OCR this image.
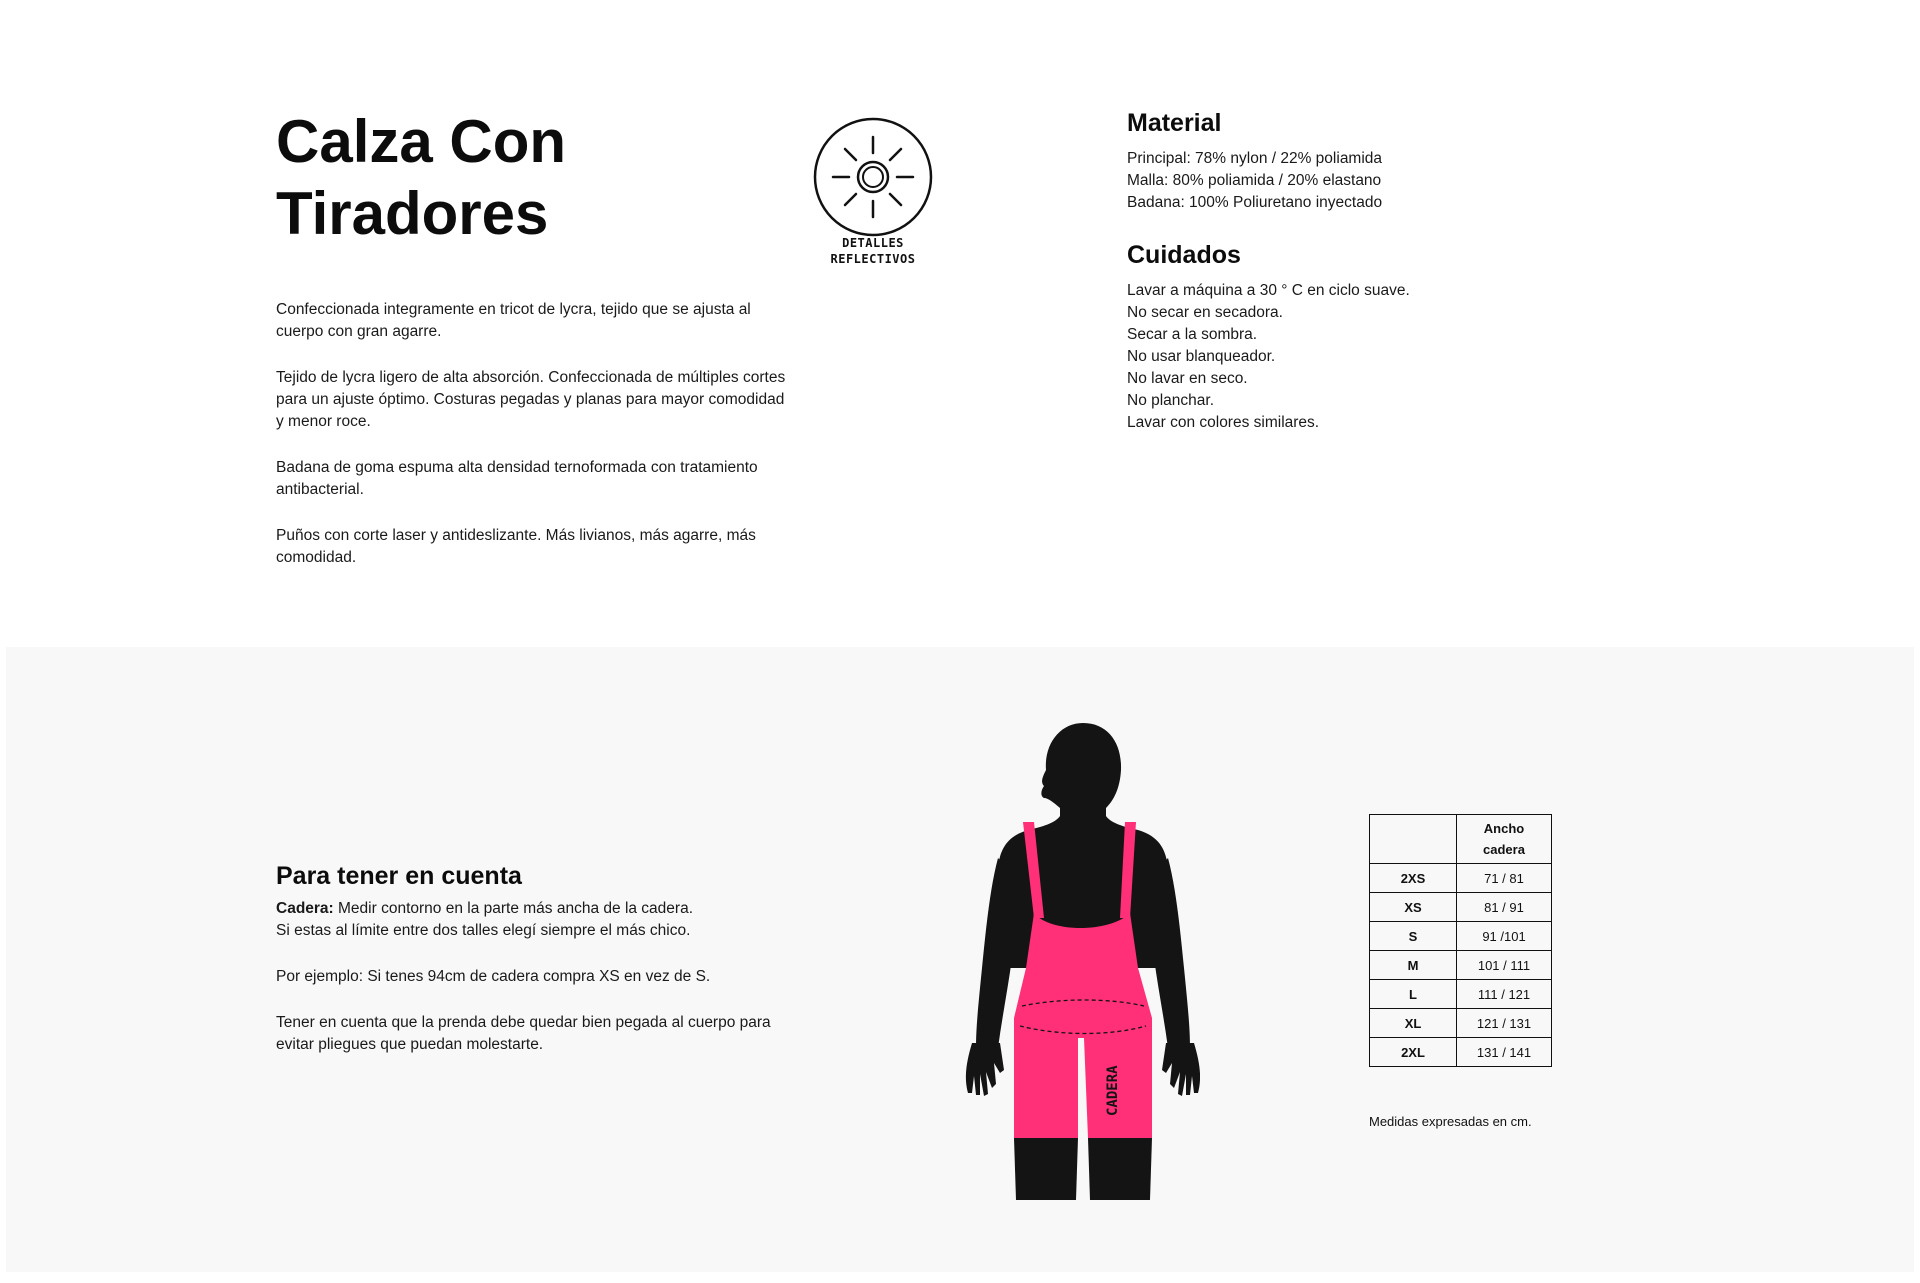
Calza Con
Tiradores

Confeccionada integramente en tricot de lycra, tejido que se ajusta al cuerpo con gran agarre.

Tejido de lycra ligero de alta absorción. Confeccionada de múltiples cortes para un ajuste óptimo. Costuras pegadas y planas para mayor comodidad y menor roce.

Badana de goma espuma alta densidad ternoformada con tratamiento antibacterial.

Puños con corte laser y antideslizante. Más livianos, más agarre, más comodidad.

DETALLES
REFLECTIVOS
Material
Principal: 78% nylon / 22% poliamida
Malla: 80% poliamida / 20% elastano
Badana: 100% Poliuretano inyectado
Cuidados
Lavar a máquina a 30 ° C en ciclo suave.
No secar en secadora.
Secar a la sombra.
No usar blanqueador.
No lavar en seco.
No planchar.
Lavar con colores similares.
Para tener en cuenta

Cadera: Medir contorno en la parte más ancha de la cadera.
Si estas al límite entre dos talles elegí siempre el más chico.

Por ejemplo: Si tenes 94cm de cadera compra XS en vez de S.

Tener en cuenta que la prenda debe quedar bien pegada al cuerpo para evitar pliegues que puedan molestarte.

CADERA
	Ancho
cadera
2XS	71 / 81
XS	81 / 91
S	91 /101
M	101 / 111
L	111 / 121
XL	121 / 131
2XL	131 / 141
Medidas expresadas en cm.
